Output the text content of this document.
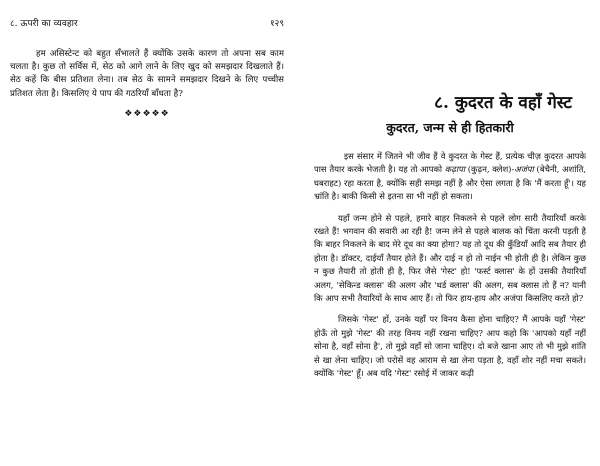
८. ऊपरी का व्यवहार	१२९

हम असिस्टेन्ट को बहुत सँभालते हैं क्योंकि उसके कारण तो अपना सब काम चलता है। कुछ तो सर्विस में, सेठ को आगे लाने के लिए खुद को समझदार दिखलाते हैं। सेठ कहें कि बीस प्रतिशत लेना। तब सेठ के सामने समझदार दिखने के लिए पच्चीस प्रतिशत लेता है। किसलिए ये पाप की गठरियाँ बाँधता है?

❖❖❖❖❖
८. कुदरत के वहाँ गेस्ट
कुदरत, जन्म से ही हितकारी

इस संसार में जितने भी जीव हैं वे कुदरत के गेस्ट हैं, प्रत्येक चीज़ कुदरत आपके पास तैयार करके भेजती है। यह तो आपको कढ़ापा (कुढ़न, क्लेश)-अजंपा (बेचैनी, अशांति, घबराहट) रहा करता है, क्योंकि सही समझ नहीं है और ऐसा लगता है कि 'मैं करता हूँ'। यह भ्रांति है। बाकी किसी से इतना सा भी नहीं हो सकता।

यहाँ जन्म होने से पहले, हमारे बाहर निकलने से पहले लोग सारी तैयारियाँ करके रखते हैं! भगवान की सवारी आ रही है! जन्म लेने से पहले बालक को चिंता करनी पड़ती है कि बाहर निकलने के बाद मेरे दूध का क्या होगा? यह तो दूध की कुँडियाँ आदि सब तैयार ही होता है। डॉक्टर, दाईयाँ तैयार होते हैं। और दाई न हो तो नाईन भी होती ही है। लेकिन कुछ न कुछ तैयारी तो होती ही है, फिर जैसे 'गेस्ट' हो! 'फर्स्ट क्लास' के हों उसकी तैयारियाँ अलग, 'सेकिन्ड क्लास' की अलग और 'थर्ड क्लास' की अलग, सब क्लास तो हैं न? यानी कि आप सभी तैयारियों के साथ आए हैं। तो फिर हाय-हाय और अजंपा किसलिए करते हो?

जिसके 'गेस्ट' हों, उनके यहाँ पर विनय कैसा होना चाहिए? मैं आपके यहाँ 'गेस्ट' होऊँ तो मुझे 'गेस्ट' की तरह विनय नहीं रखना चाहिए? आप कहो कि 'आपको यहाँ नहीं सोना है, वहाँ सोना है', तो मुझे वहाँ सो जाना चाहिए। दो बजे खाना आए तो भी मुझे शांति से खा लेना चाहिए। जो परोसें वह आराम से खा लेना पड़ता है, वहाँ शोर नहीं मचा सकते। क्योंकि 'गेस्ट' हूँ। अब यदि 'गेस्ट' रसोई में जाकर कढ़ी
